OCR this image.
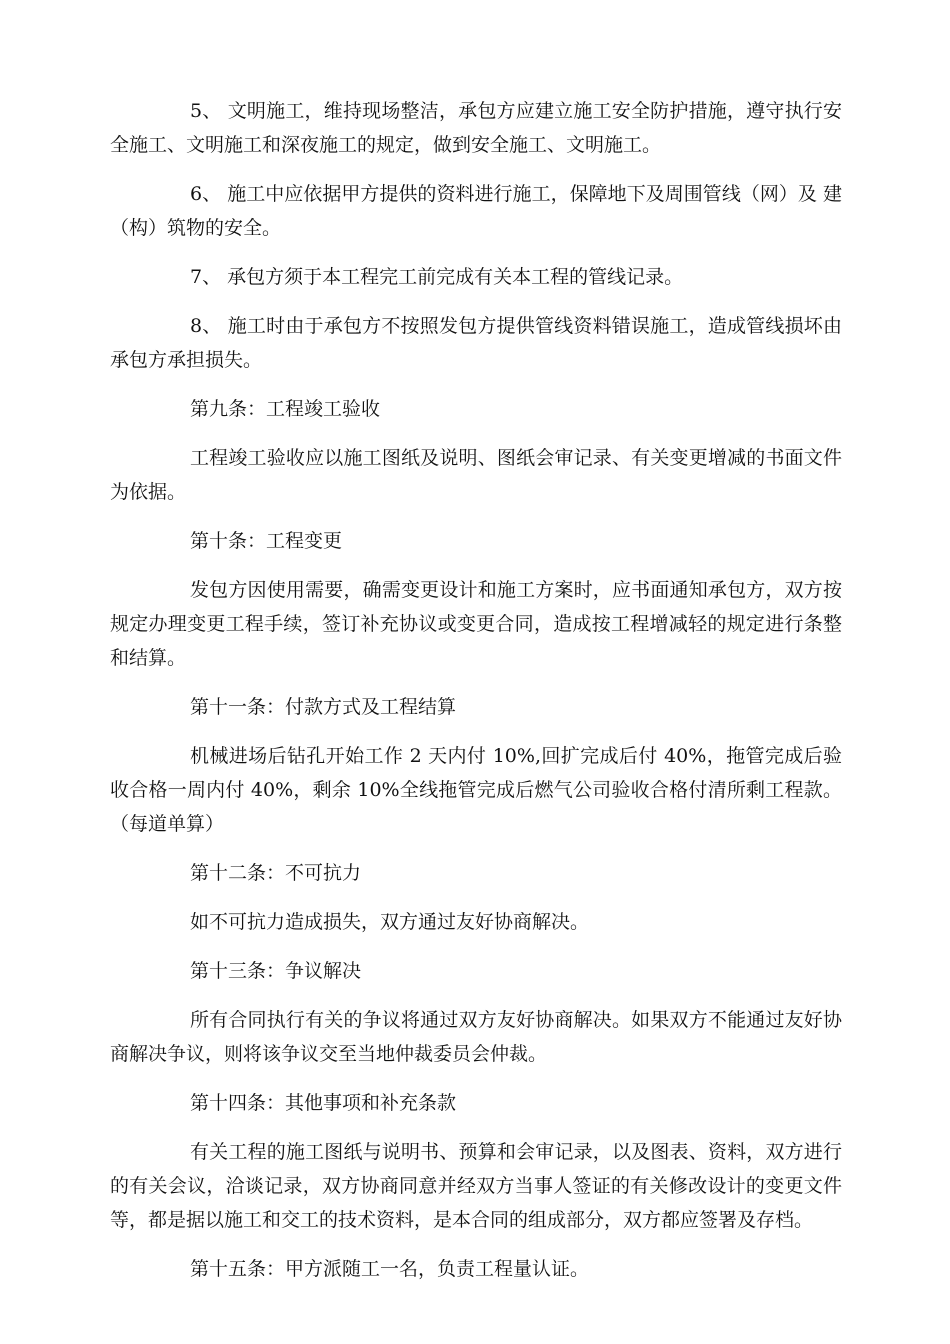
5、 文明施工，维持现场整洁，承包方应建立施工安全防护措施，遵守执行安全施工、文明施工和深夜施工的规定，做到安全施工、文明施工。

6、 施工中应依据甲方提供的资料进行施工，保障地下及周围管线（网）及 建（构）筑物的安全。

7、 承包方须于本工程完工前完成有关本工程的管线记录。

8、 施工时由于承包方不按照发包方提供管线资料错误施工，造成管线损坏由承包方承担损失。

第九条：工程竣工验收

工程竣工验收应以施工图纸及说明、图纸会审记录、有关变更增减的书面文件为依据。

第十条：工程变更

发包方因使用需要，确需变更设计和施工方案时，应书面通知承包方，双方按规定办理变更工程手续，签订补充协议或变更合同，造成按工程增减轻的规定进行条整和结算。

第十一条：付款方式及工程结算

机械进场后钻孔开始工作 2 天内付 10%,回扩完成后付 40%，拖管完成后验收合格一周内付 40%，剩余 10%全线拖管完成后燃气公司验收合格付清所剩工程款。（每道单算）

第十二条：不可抗力

如不可抗力造成损失，双方通过友好协商解决。

第十三条：争议解决

所有合同执行有关的争议将通过双方友好协商解决。如果双方不能通过友好协商解决争议，则将该争议交至当地仲裁委员会仲裁。

第十四条：其他事项和补充条款

有关工程的施工图纸与说明书、预算和会审记录，以及图表、资料，双方进行的有关会议，洽谈记录，双方协商同意并经双方当事人签证的有关修改设计的变更文件等，都是据以施工和交工的技术资料，是本合同的组成部分，双方都应签署及存档。

第十五条：甲方派随工一名，负责工程量认证。
